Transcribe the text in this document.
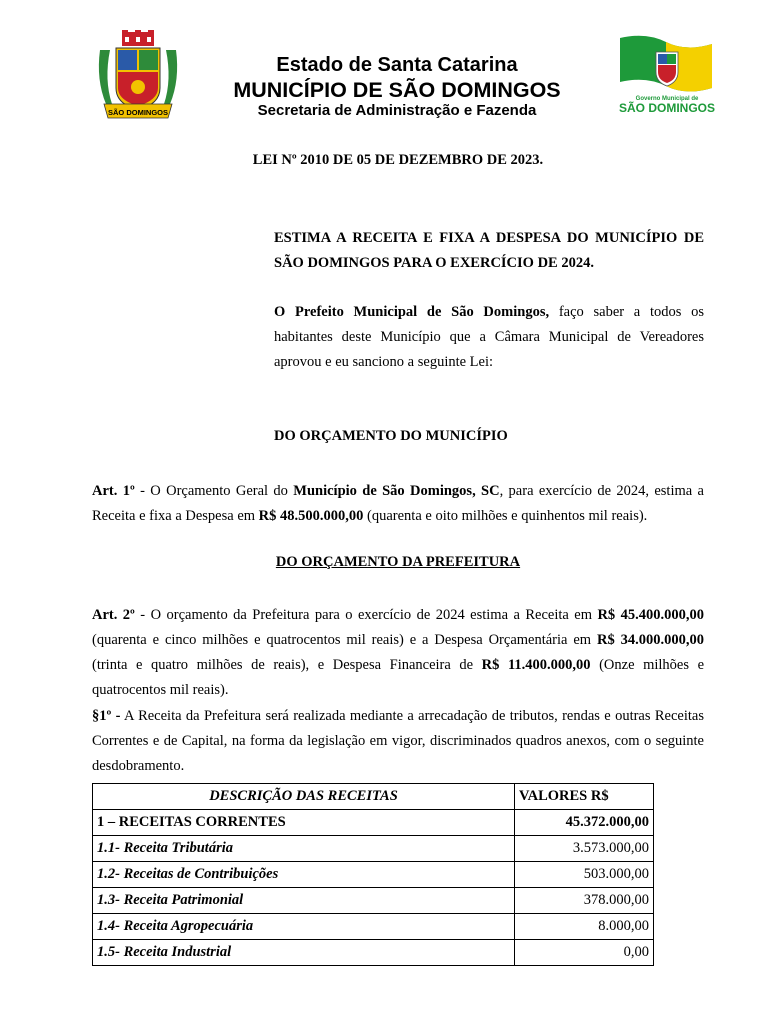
SÃO DOMINGOS
Estado de Santa Catarina
MUNICÍPIO DE SÃO DOMINGOS
Secretaria de Administração e Fazenda
Governo Municipal de
SÃO DOMINGOS
LEI Nº 2010 DE 05 DE DEZEMBRO DE 2023.
ESTIMA A RECEITA E FIXA A DESPESA DO MUNICÍPIO DE SÃO DOMINGOS PARA O EXERCÍCIO DE 2024.
O Prefeito Municipal de São Domingos, faço saber a todos os habitantes deste Município que a Câmara Municipal de Vereadores aprovou e eu sanciono a seguinte Lei:
DO ORÇAMENTO DO MUNICÍPIO
Art. 1º - O Orçamento Geral do Município de São Domingos, SC, para exercício de 2024, estima a Receita e fixa a Despesa em R$ 48.500.000,00 (quarenta e oito milhões e quinhentos mil reais).
DO ORÇAMENTO DA PREFEITURA
Art. 2º - O orçamento da Prefeitura para o exercício de 2024 estima a Receita em R$ 45.400.000,00 (quarenta e cinco milhões e quatrocentos mil reais) e a Despesa Orçamentária em R$ 34.000.000,00 (trinta e quatro milhões de reais), e Despesa Financeira de R$ 11.400.000,00 (Onze milhões e quatrocentos mil reais).
§1º - A Receita da Prefeitura será realizada mediante a arrecadação de tributos, rendas e outras Receitas Correntes e de Capital, na forma da legislação em vigor, discriminados quadros anexos, com o seguinte desdobramento.
DESCRIÇÃO DAS RECEITAS	VALORES R$
1 – RECEITAS CORRENTES	45.372.000,00
1.1- Receita Tributária	3.573.000,00
1.2- Receitas de Contribuições	503.000,00
1.3- Receita Patrimonial	378.000,00
1.4- Receita Agropecuária	8.000,00
1.5- Receita Industrial	0,00
